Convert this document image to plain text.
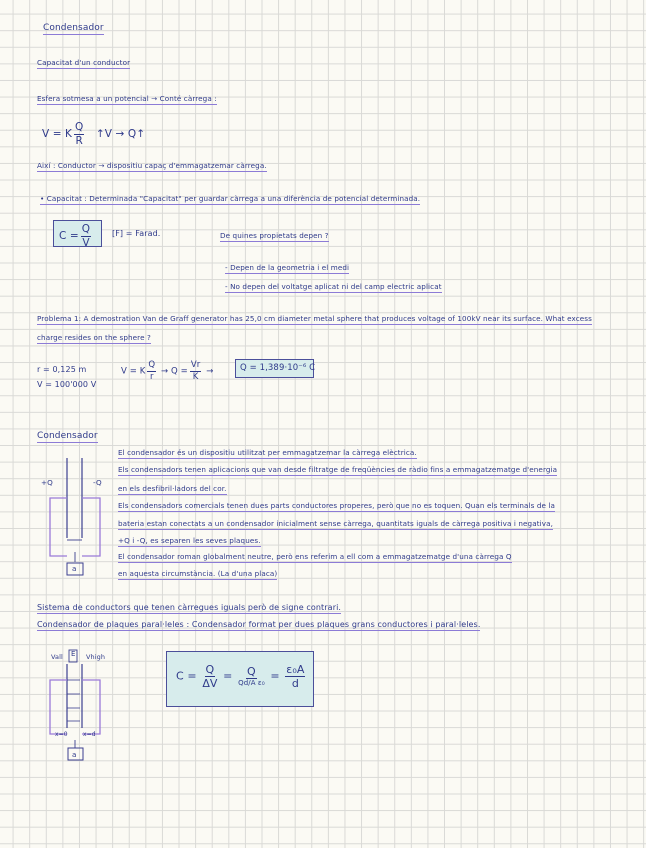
Condensador
Capacitat d'un conductor
Esfera sotmesa a un potencial → Conté càrrega :
V = K $\frac{Q}{R}$ ↑V → Q↑
Així : Conductor → dispositiu capaç d'emmagatzemar càrrega.
• Capacitat : Determinada "Capacitat" per guardar càrrega a una diferència de potencial determinada.
$C = \frac{Q}{V}$	[F] = Farad.	De quines propietats depen ?
- Depen de la geometria i el medi
- No depen del voltatge aplicat ni del camp electric aplicat
Problema 1: A demostration Van de Graff generator has 25,0 cm diameter metal sphere that produces voltage of 100kV near its surface. What excess
charge resides on the sphere ?
r = 0,125 m
V = 100'000 V
V = K $\frac{Q}{r} \to Q = \frac{Vr}{K}$ →	Q = 1,389·10⁻⁶ C
Condensador
+Q	-Q
a
El condensador és un dispositiu utilitzat per emmagatzemar la càrrega elèctrica.
Els condensadors tenen aplicacions que van desde filtratge de freqüències de ràdio fins a emmagatzematge d'energia
en els desfibril·ladors del cor.
Els condensadors comercials tenen dues parts conductores properes, però que no es toquen. Quan els terminals de la
bateria estan conectats a un condensador inicialment sense càrrega, quantitats iguals de càrrega positiva i negativa,
+Q i -Q, es separen les seves plaques.
El condensador roman globalment neutre, però ens referim a ell com a emmagatzematge d'una càrrega Q
en aquesta circumstància. (La d'una placa)
Sistema de conductors que tenen càrregues iguals però de signe contrari.
Condensador de plaques paral·leles : Condensador format per dues plaques grans conductores i paral·leles.
Vall E Vhigh
x=0	x=d
a
$C = \frac{Q}{\Delta V} = \frac{Q}{\text{Qd/A ε₀}} = \frac{\text{ε₀A}}{d}$
